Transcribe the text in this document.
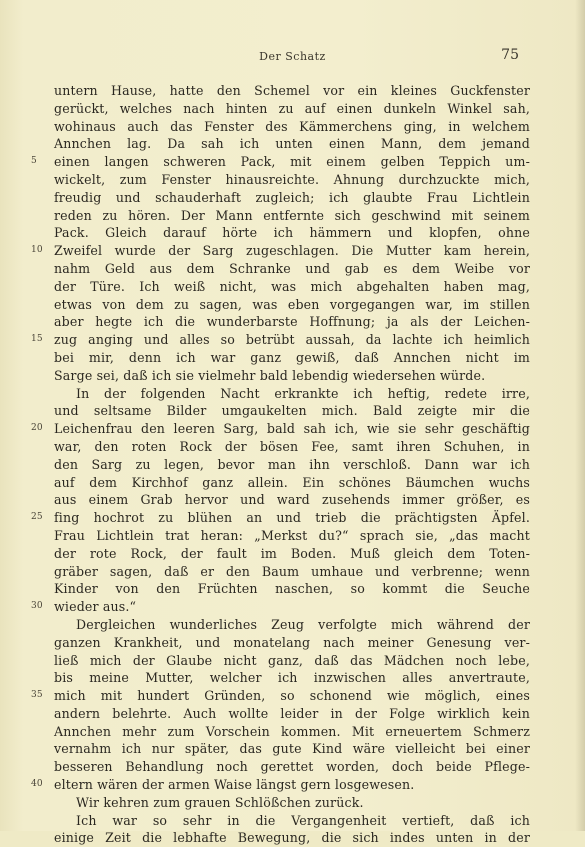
Der Schatz	75
untern Hause, hatte den Schemel vor ein kleines Guckfenster
gerückt, welches nach hinten zu auf einen dunkeln Winkel sah,
wohinaus auch das Fenster des Kämmerchens ging, in welchem
Annchen lag. Da sah ich unten einen Mann, dem jemand
5	einen langen schweren Pack, mit einem gelben Teppich um-
wickelt, zum Fenster hinausreichte. Ahnung durchzuckte mich,
freudig und schauderhaft zugleich; ich glaubte Frau Lichtlein
reden zu hören. Der Mann entfernte sich geschwind mit seinem
Pack. Gleich darauf hörte ich hämmern und klopfen, ohne
10 Zweifel wurde der Sarg zugeschlagen. Die Mutter kam herein,
nahm Geld aus dem Schranke und gab es dem Weibe vor
der Türe. Ich weiß nicht, was mich abgehalten haben mag,
etwas von dem zu sagen, was eben vorgegangen war, im stillen
aber hegte ich die wunderbarste Hoffnung; ja als der Leichen-
15 zug anging und alles so betrübt aussah, da lachte ich heimlich
bei mir, denn ich war ganz gewiß, daß Annchen nicht im
Sarge sei, daß ich sie vielmehr bald lebendig wiedersehen würde.
In der folgenden Nacht erkrankte ich heftig, redete irre,
und seltsame Bilder umgaukelten mich. Bald zeigte mir die
20 Leichenfrau den leeren Sarg, bald sah ich, wie sie sehr geschäftig
war, den roten Rock der bösen Fee, samt ihren Schuhen, in
den Sarg zu legen, bevor man ihn verschloß. Dann war ich
auf dem Kirchhof ganz allein. Ein schönes Bäumchen wuchs
aus einem Grab hervor und ward zusehends immer größer, es
25 fing hochrot zu blühen an und trieb die prächtigsten Äpfel.
Frau Lichtlein trat heran: „Merkst du?“ sprach sie, „das macht
der rote Rock, der fault im Boden. Muß gleich dem Toten-
gräber sagen, daß er den Baum umhaue und verbrenne; wenn
Kinder von den Früchten naschen, so kommt die Seuche
30 wieder aus.“
Dergleichen wunderliches Zeug verfolgte mich während der
ganzen Krankheit, und monatelang nach meiner Genesung ver-
ließ mich der Glaube nicht ganz, daß das Mädchen noch lebe,
bis meine Mutter, welcher ich inzwischen alles anvertraute,
35 mich mit hundert Gründen, so schonend wie möglich, eines
andern belehrte. Auch wollte leider in der Folge wirklich kein
Annchen mehr zum Vorschein kommen. Mit erneuertem Schmerz
vernahm ich nur später, das gute Kind wäre vielleicht bei einer
besseren Behandlung noch gerettet worden, doch beide Pflege-
40 eltern wären der armen Waise längst gern losgewesen.
Wir kehren zum grauen Schlößchen zurück.
Ich war so sehr in die Vergangenheit vertieft, daß ich
einige Zeit die lebhafte Bewegung, die sich indes unten in der
